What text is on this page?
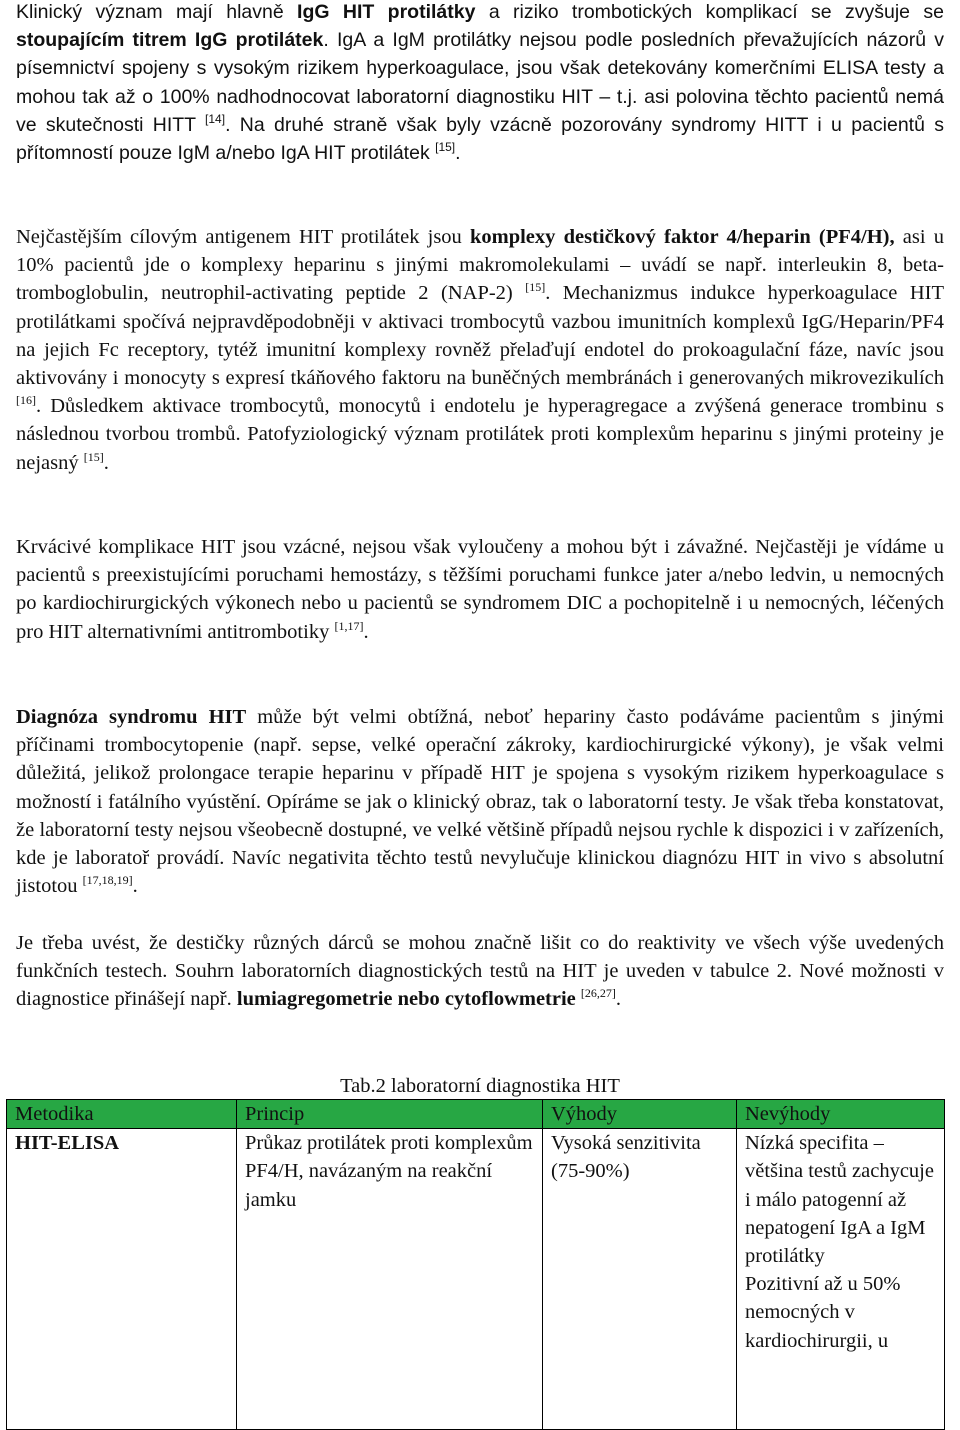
Klinický význam mají hlavně IgG HIT protilátky a riziko trombotických komplikací se zvyšuje se stoupajícím titrem IgG protilátek. IgA a IgM protilátky nejsou podle posledních převažujících názorů v písemnictví spojeny s vysokým rizikem hyperkoagulace, jsou však detekovány komerčními ELISA testy a mohou tak až o 100% nadhodnocovat laboratorní diagnostiku HIT – t.j. asi polovina těchto pacientů nemá ve skutečnosti HITT [14]. Na druhé straně však byly vzácně pozorovány syndromy HITT i u pacientů s přítomností pouze IgM a/nebo IgA HIT protilátek [15].

Nejčastějším cílovým antigenem HIT protilátek jsou komplexy destičkový faktor 4/heparin (PF4/H), asi u 10% pacientů jde o komplexy heparinu s jinými makromolekulami – uvádí se např. interleukin 8, beta-tromboglobulin, neutrophil-activating peptide 2 (NAP-2) [15]. Mechanizmus indukce hyperkoagulace HIT protilátkami spočívá nejpravděpodobněji v aktivaci trombocytů vazbou imunitních komplexů IgG/Heparin/PF4 na jejich Fc receptory, tytéž imunitní komplexy rovněž přelaďují endotel do prokoagulační fáze, navíc jsou aktivovány i monocyty s expresí tkáňového faktoru na buněčných membránách i generovaných mikrovezikulích [16]. Důsledkem aktivace trombocytů, monocytů i endotelu je hyperagregace a zvýšená generace trombinu s následnou tvorbou trombů. Patofyziologický význam protilátek proti komplexům heparinu s jinými proteiny je nejasný [15].

Krvácivé komplikace HIT jsou vzácné, nejsou však vyloučeny a mohou být i závažné. Nejčastěji je vídáme u pacientů s preexistujícími poruchami hemostázy, s těžšími poruchami funkce jater a/nebo ledvin, u nemocných po kardiochirurgických výkonech nebo u pacientů se syndromem DIC a pochopitelně i u nemocných, léčených pro HIT alternativními antitrombotiky [1,17].

Diagnóza syndromu HIT může být velmi obtížná, neboť hepariny často podáváme pacientům s jinými příčinami trombocytopenie (např. sepse, velké operační zákroky, kardiochirurgické výkony), je však velmi důležitá, jelikož prolongace terapie heparinu v případě HIT je spojena s vysokým rizikem hyperkoagulace s možností i fatálního vyústění. Opíráme se jak o klinický obraz, tak o laboratorní testy. Je však třeba konstatovat, že laboratorní testy nejsou všeobecně dostupné, ve velké většině případů nejsou rychle k dispozici i v zařízeních, kde je laboratoř provádí. Navíc negativita těchto testů nevylučuje klinickou diagnózu HIT in vivo s absolutní jistotou [17,18,19].

Je třeba uvést, že destičky různých dárců se mohou značně lišit co do reaktivity ve všech výše uvedených funkčních testech. Souhrn laboratorních diagnostických testů na HIT je uveden v tabulce 2. Nové možnosti v diagnostice přinášejí např. lumiagregometrie nebo cytoflowmetrie [26,27].

Tab.2 laboratorní diagnostika HIT
Metodika	Princip	Výhody	Nevýhody
HIT-ELISA	Průkaz protilátek proti komplexům PF4/H, navázaným na reakční jamku	Vysoká senzitivita (75-90%)	Nízká specifita – většina testů zachycuje i málo patogenní až nepatogení IgA a IgM protilátky
Pozitivní až u 50% nemocných v kardiochirurgii, u
